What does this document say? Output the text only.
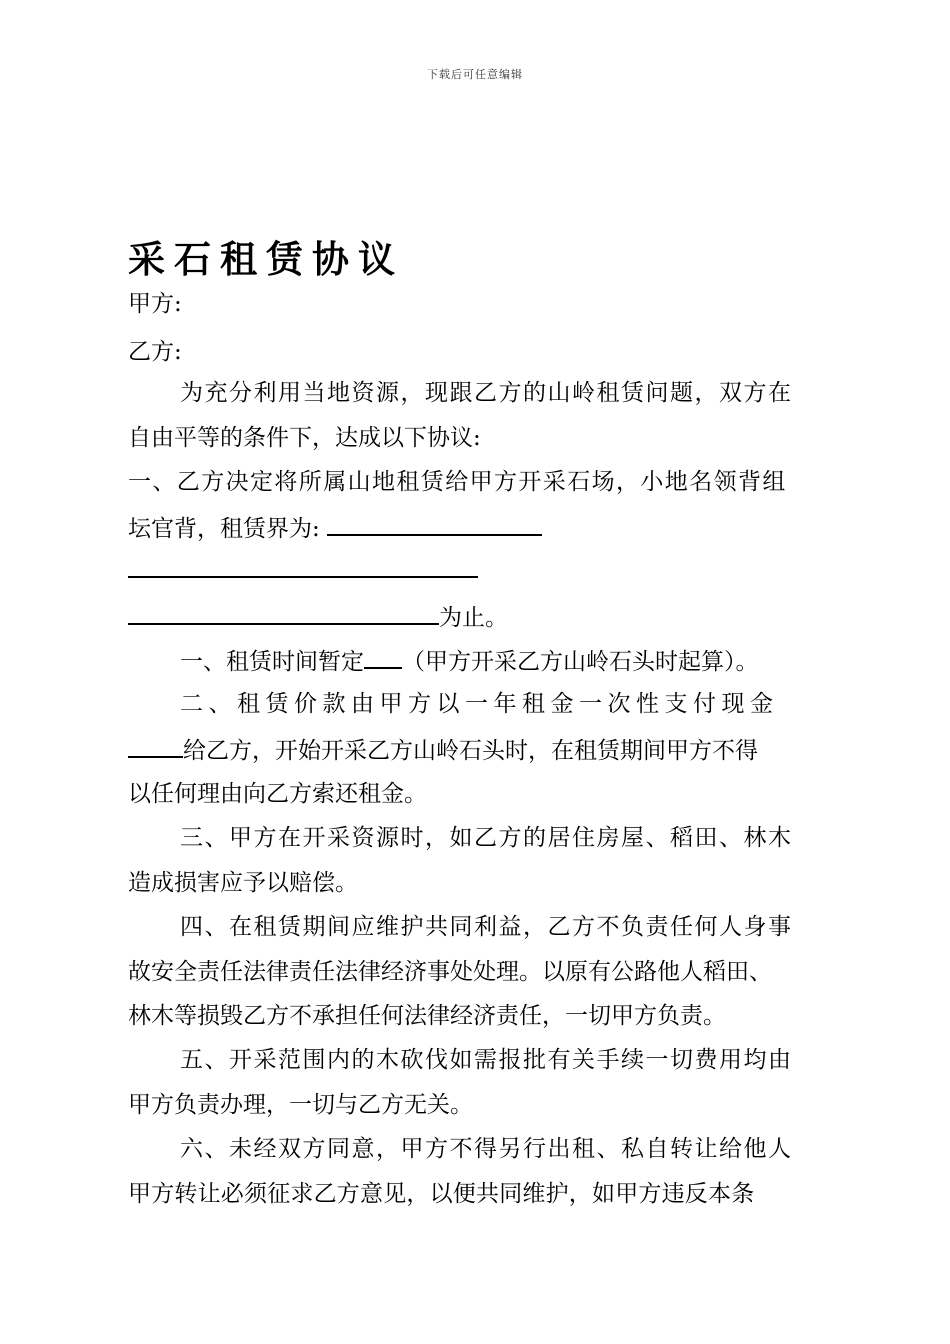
下载后可任意编辑
采石租赁协议
甲方:
乙方:
为充分利用当地资源，现跟乙方的山岭租赁问题，双方在
自由平等的条件下，达成以下协议:
一、乙方决定将所属山地租赁给甲方开采石场，小地名领背组
坛官背，租赁界为:
为止。
一、租赁时间暂定 （甲方开采乙方山岭石头时起算）。
二、租赁价款由甲方以一年租金一次性支付现金
给乙方，开始开采乙方山岭石头时，在租赁期间甲方不得
以任何理由向乙方索还租金。
三、甲方在开采资源时，如乙方的居住房屋、稻田、林木
造成损害应予以赔偿。
四、在租赁期间应维护共同利益，乙方不负责任何人身事
故安全责任法律责任法律经济事处处理。以原有公路他人稻田、
林木等损毁乙方不承担任何法律经济责任，一切甲方负责。
五、开采范围内的木砍伐如需报批有关手续一切费用均由
甲方负责办理，一切与乙方无关。
六、未经双方同意，甲方不得另行出租、私自转让给他人
甲方转让必须征求乙方意见，以便共同维护，如甲方违反本条
